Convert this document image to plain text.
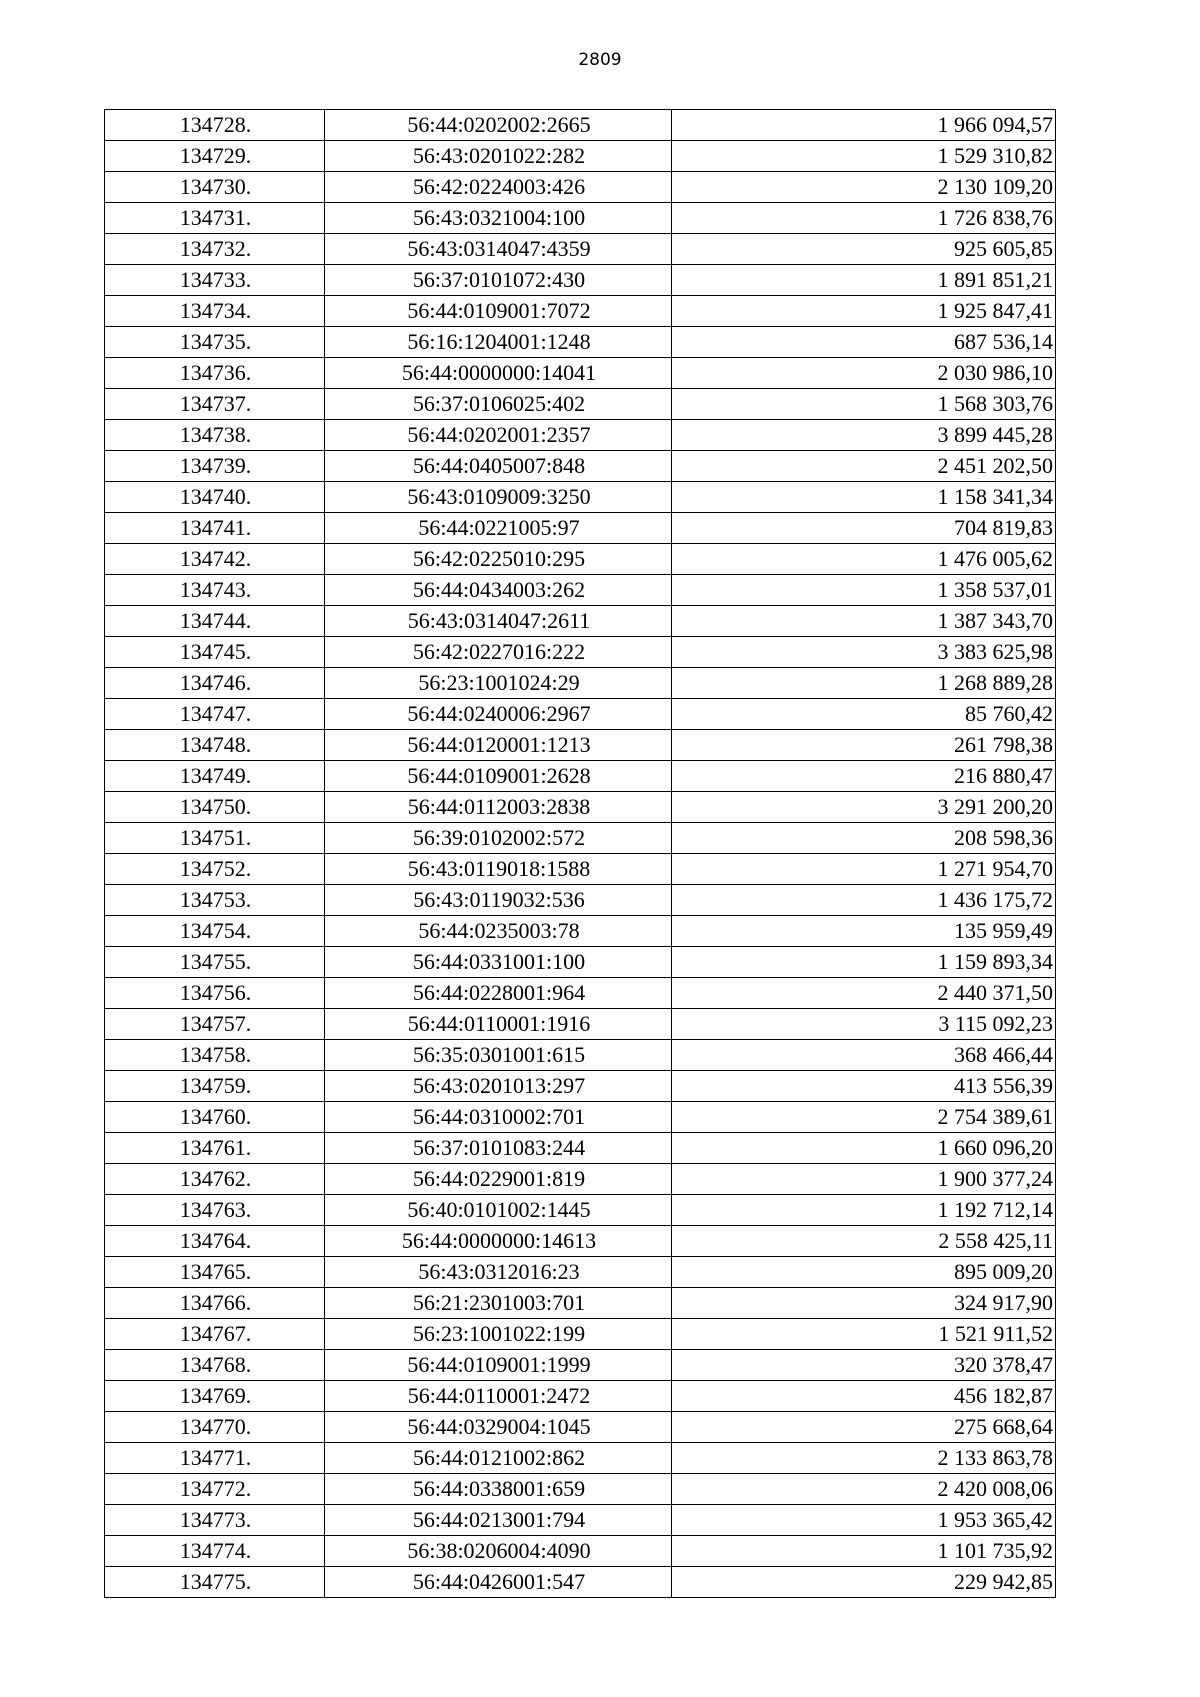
2809
134728.	56:44:0202002:2665	1 966 094,57
134729.	56:43:0201022:282	1 529 310,82
134730.	56:42:0224003:426	2 130 109,20
134731.	56:43:0321004:100	1 726 838,76
134732.	56:43:0314047:4359	925 605,85
134733.	56:37:0101072:430	1 891 851,21
134734.	56:44:0109001:7072	1 925 847,41
134735.	56:16:1204001:1248	687 536,14
134736.	56:44:0000000:14041	2 030 986,10
134737.	56:37:0106025:402	1 568 303,76
134738.	56:44:0202001:2357	3 899 445,28
134739.	56:44:0405007:848	2 451 202,50
134740.	56:43:0109009:3250	1 158 341,34
134741.	56:44:0221005:97	704 819,83
134742.	56:42:0225010:295	1 476 005,62
134743.	56:44:0434003:262	1 358 537,01
134744.	56:43:0314047:2611	1 387 343,70
134745.	56:42:0227016:222	3 383 625,98
134746.	56:23:1001024:29	1 268 889,28
134747.	56:44:0240006:2967	85 760,42
134748.	56:44:0120001:1213	261 798,38
134749.	56:44:0109001:2628	216 880,47
134750.	56:44:0112003:2838	3 291 200,20
134751.	56:39:0102002:572	208 598,36
134752.	56:43:0119018:1588	1 271 954,70
134753.	56:43:0119032:536	1 436 175,72
134754.	56:44:0235003:78	135 959,49
134755.	56:44:0331001:100	1 159 893,34
134756.	56:44:0228001:964	2 440 371,50
134757.	56:44:0110001:1916	3 115 092,23
134758.	56:35:0301001:615	368 466,44
134759.	56:43:0201013:297	413 556,39
134760.	56:44:0310002:701	2 754 389,61
134761.	56:37:0101083:244	1 660 096,20
134762.	56:44:0229001:819	1 900 377,24
134763.	56:40:0101002:1445	1 192 712,14
134764.	56:44:0000000:14613	2 558 425,11
134765.	56:43:0312016:23	895 009,20
134766.	56:21:2301003:701	324 917,90
134767.	56:23:1001022:199	1 521 911,52
134768.	56:44:0109001:1999	320 378,47
134769.	56:44:0110001:2472	456 182,87
134770.	56:44:0329004:1045	275 668,64
134771.	56:44:0121002:862	2 133 863,78
134772.	56:44:0338001:659	2 420 008,06
134773.	56:44:0213001:794	1 953 365,42
134774.	56:38:0206004:4090	1 101 735,92
134775.	56:44:0426001:547	229 942,85
